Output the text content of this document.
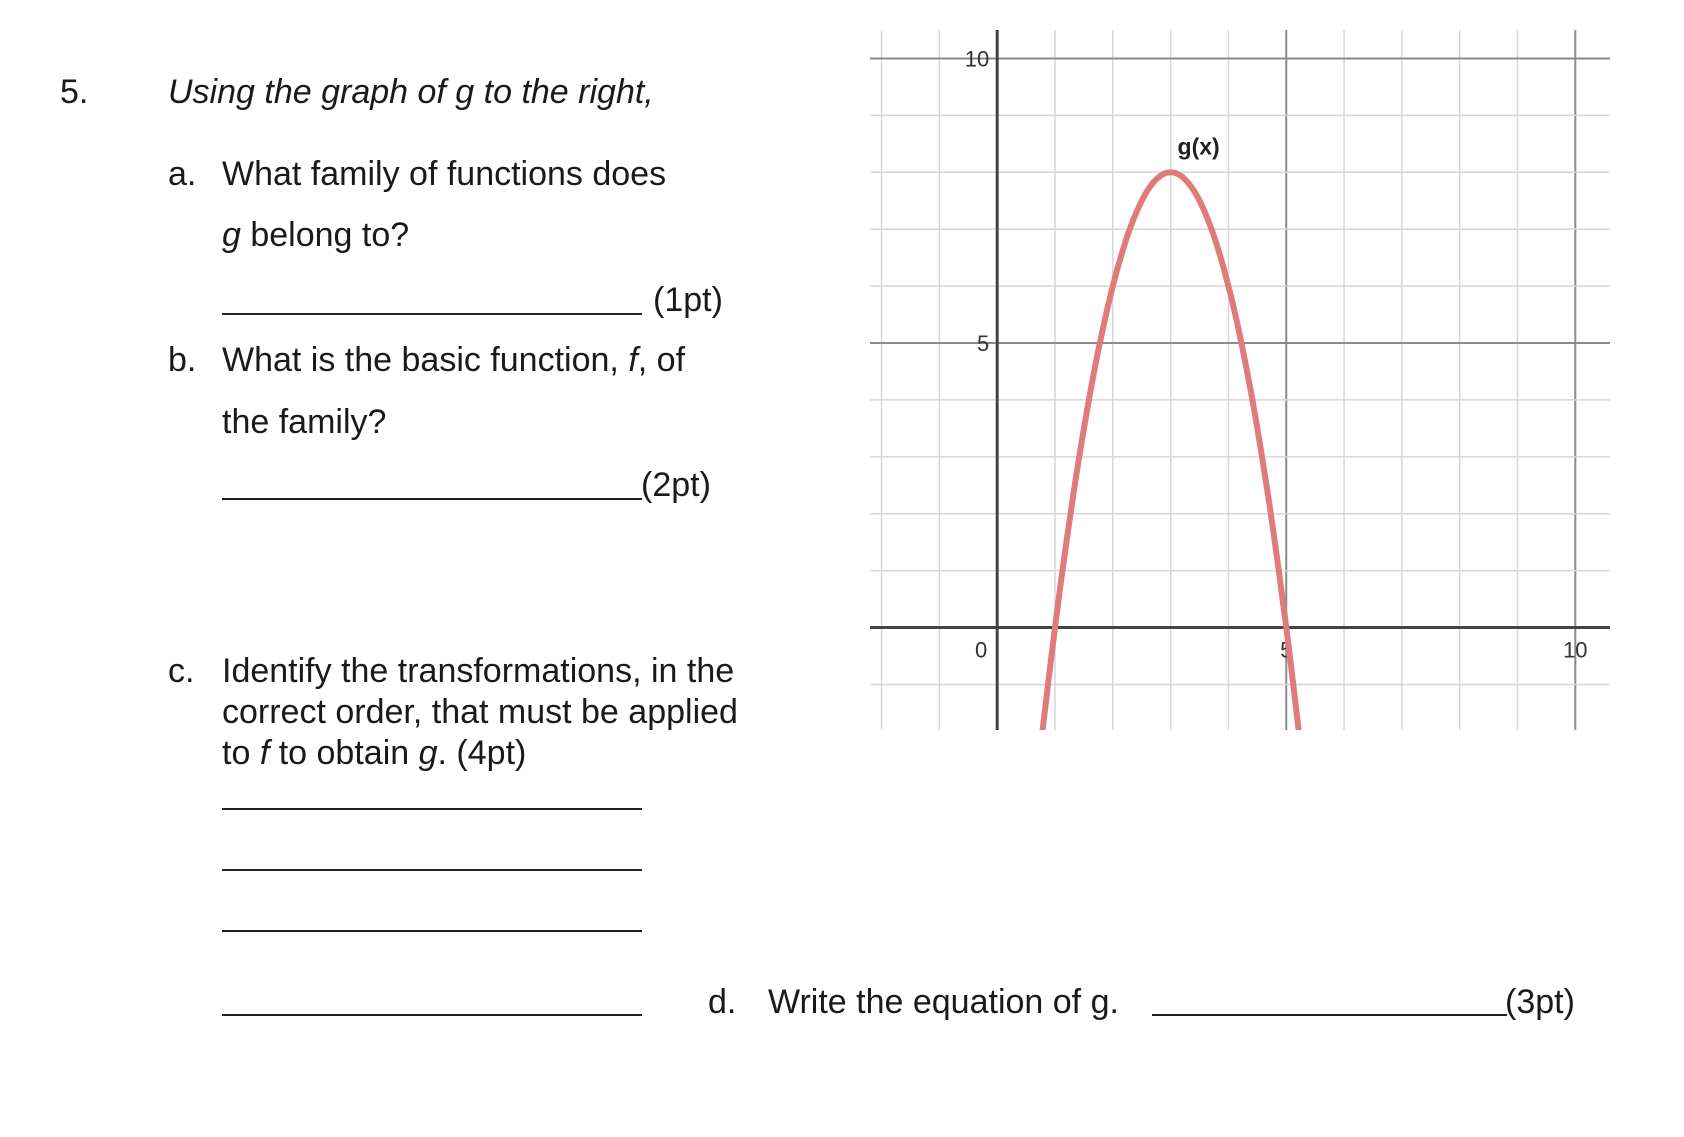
5. Using the graph of g to the right,
a. What family of functions does
g belong to?
(1pt)
b. What is the basic function, f, of
the family?
(2pt)
c. Identify the transformations, in the
correct order, that must be applied
to f to obtain g. (4pt)
d. Write the equation of g.	(3pt)
5
10
0	5	10
g(x)
